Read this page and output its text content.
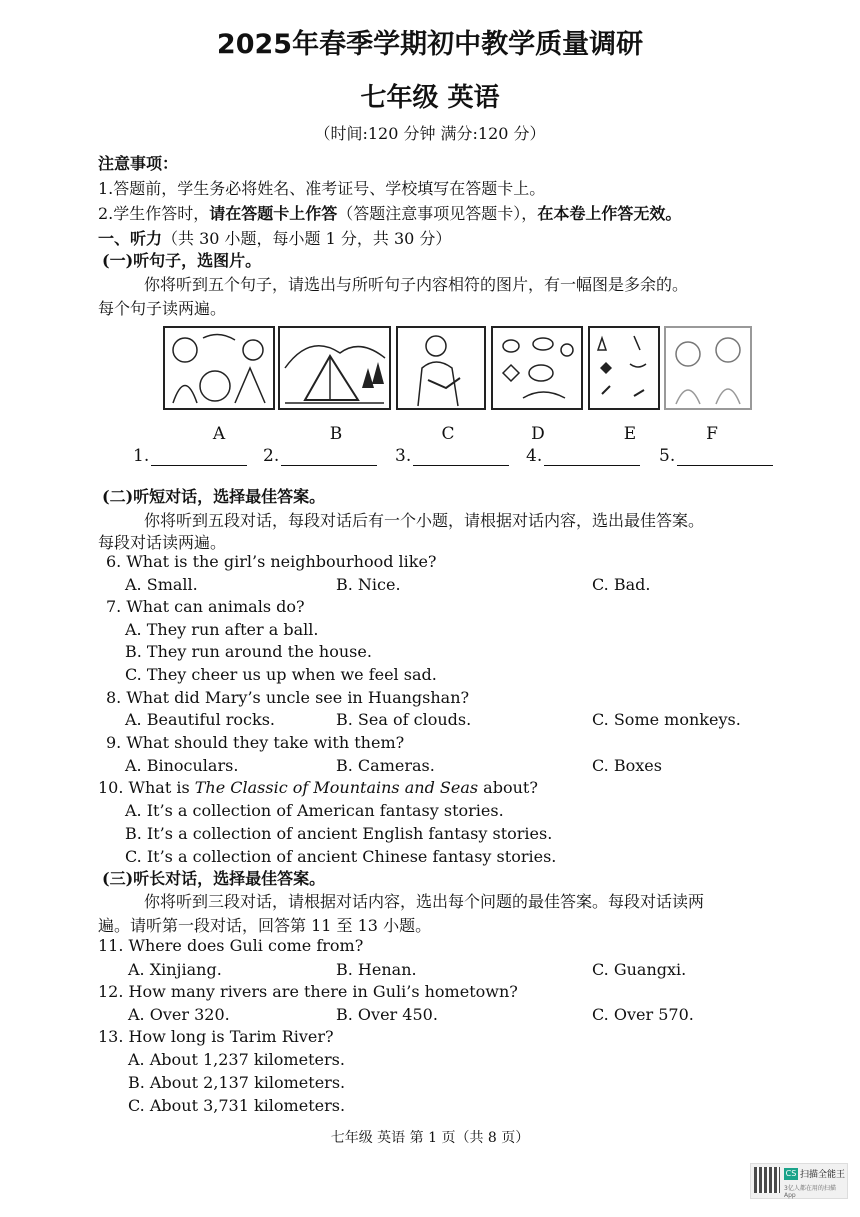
2025年春季学期初中教学质量调研
七年级 英语
（时间:120 分钟 满分:120 分）
注意事项：
1.答题前，学生务必将姓名、准考证号、学校填写在答题卡上。
2.学生作答时，请在答题卡上作答（答题注意事项见答题卡），在本卷上作答无效。
一、听力（共 30 小题，每小题 1 分，共 30 分）
(一)听句子，选图片。
你将听到五个句子，请选出与所听句子内容相符的图片，有一幅图是多余的。
每个句子读两遍。
A	B	C	D	E	F
1.	2.	3.	4.	5.
(二)听短对话，选择最佳答案。
你将听到五段对话，每段对话后有一个小题，请根据对话内容，选出最佳答案。
每段对话读两遍。
6. What is the girl’s neighbourhood like?
A. Small.	B. Nice.	C. Bad.
7. What can animals do?
A. They run after a ball.
B. They run around the house.
C. They cheer us up when we feel sad.
8. What did Mary’s uncle see in Huangshan?
A. Beautiful rocks.	B. Sea of clouds.	C. Some monkeys.
9. What should they take with them?
A. Binoculars.	B. Cameras.	C. Boxes
10. What is The Classic of Mountains and Seas about?
A. It’s a collection of American fantasy stories.
B. It’s a collection of ancient English fantasy stories.
C. It’s a collection of ancient Chinese fantasy stories.
(三)听长对话，选择最佳答案。
你将听到三段对话，请根据对话内容，选出每个问题的最佳答案。每段对话读两
遍。请听第一段对话，回答第 11 至 13 小题。
11. Where does Guli come from?
A. Xinjiang.	B. Henan.	C. Guangxi.
12. How many rivers are there in Guli’s hometown?
A. Over 320.	B. Over 450.	C. Over 570.
13. How long is Tarim River?
A. About 1,237 kilometers.
B. About 2,137 kilometers.
C. About 3,731 kilometers.
七年级 英语 第 1 页（共 8 页）
CS 扫描全能王
3亿人都在用的扫描App
